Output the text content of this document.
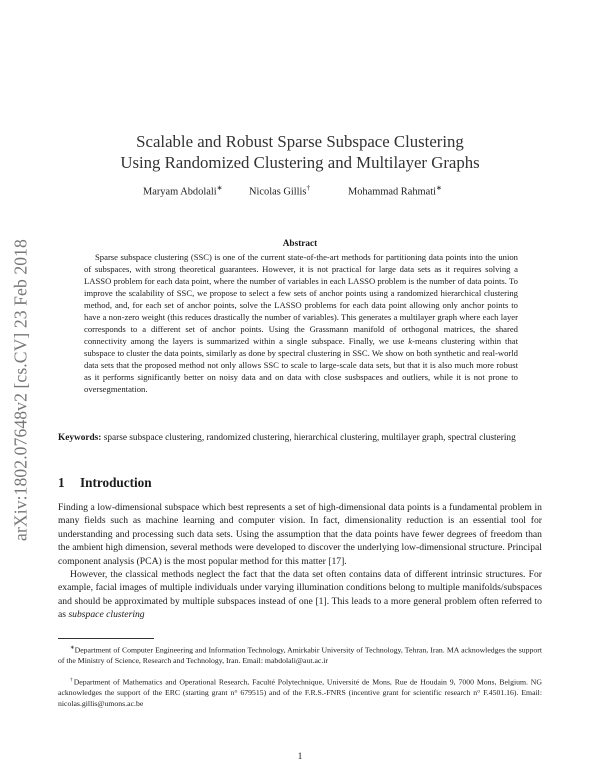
arXiv:1802.07648v2 [cs.CV] 23 Feb 2018
Scalable and Robust Sparse Subspace Clustering
Using Randomized Clustering and Multilayer Graphs
Maryam Abdolali∗	Nicolas Gillis†	Mohammad Rahmati∗
Abstract
Sparse subspace clustering (SSC) is one of the current state-of-the-art methods for partitioning data points into the union of subspaces, with strong theoretical guarantees. However, it is not practical for large data sets as it requires solving a LASSO problem for each data point, where the number of variables in each LASSO problem is the number of data points. To improve the scalability of SSC, we propose to select a few sets of anchor points using a randomized hierarchical clustering method, and, for each set of anchor points, solve the LASSO problems for each data point allowing only anchor points to have a non-zero weight (this reduces drastically the number of variables). This generates a multilayer graph where each layer corresponds to a different set of anchor points. Using the Grassmann manifold of orthogonal matrices, the shared connectivity among the layers is summarized within a single subspace. Finally, we use k-means clustering within that subspace to cluster the data points, similarly as done by spectral clustering in SSC. We show on both synthetic and real-world data sets that the proposed method not only allows SSC to scale to large-scale data sets, but that it is also much more robust as it performs significantly better on noisy data and on data with close susbspaces and outliers, while it is not prone to oversegmentation.
Keywords: sparse subspace clustering, randomized clustering, hierarchical clustering, multilayer graph, spectral clustering
1 Introduction
Finding a low-dimensional subspace which best represents a set of high-dimensional data points is a fundamental problem in many fields such as machine learning and computer vision. In fact, dimensionality reduction is an essential tool for understanding and processing such data sets. Using the assumption that the data points have fewer degrees of freedom than the ambient high dimension, several methods were developed to discover the underlying low-dimensional structure. Principal component analysis (PCA) is the most popular method for this matter [17].
However, the classical methods neglect the fact that the data set often contains data of different intrinsic structures. For example, facial images of multiple individuals under varying illumination conditions belong to multiple manifolds/subspaces and should be approximated by multiple subspaces instead of one [1]. This leads to a more general problem often referred to as subspace clustering
∗Department of Computer Engineering and Information Technology, Amirkabir University of Technology, Tehran, Iran. MA acknowledges the support of the Ministry of Science, Research and Technology, Iran. Email: mabdolali@aut.ac.ir
†Department of Mathematics and Operational Research, Faculté Polytechnique, Université de Mons, Rue de Houdain 9, 7000 Mons, Belgium. NG acknowledges the support of the ERC (starting grant n° 679515) and of the F.R.S.-FNRS (incentive grant for scientific research n° F.4501.16). Email: nicolas.gillis@umons.ac.be
1
